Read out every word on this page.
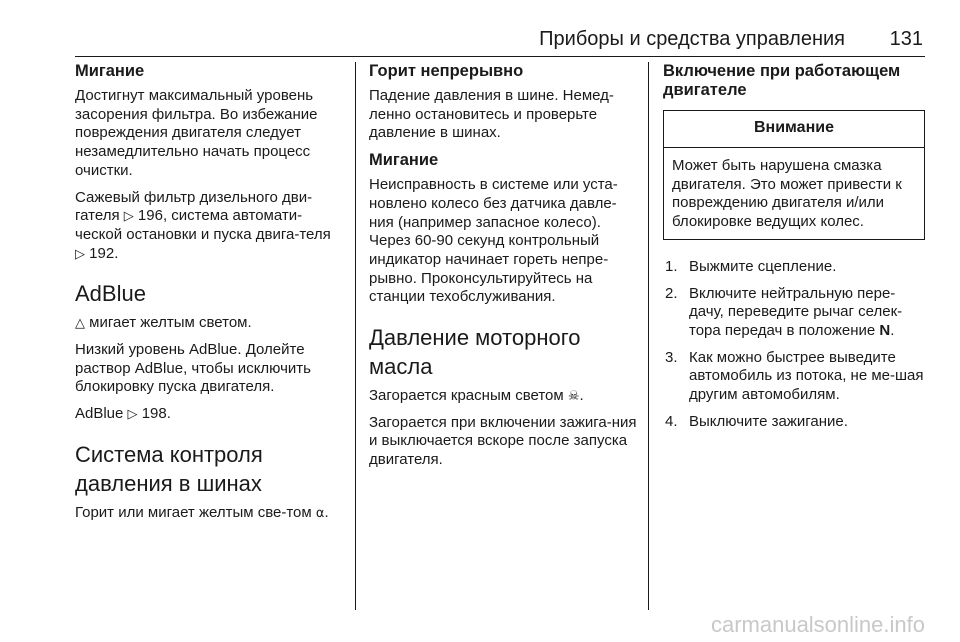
Приборы и средства управления 131
Мигание

Достигнут максимальный уровень засорения фильтра. Во избежание повреждения двигателя следует незамедлительно начать процесс очистки.

Сажевый фильтр дизельного дви-гателя ▷ 196, система автомати-ческой остановки и пуска двига-теля ▷ 192.

AdBlue

△ мигает желтым светом.

Низкий уровень AdBlue. Долейте раствор AdBlue, чтобы исключить блокировку пуска двигателя.

AdBlue ▷ 198.

Система контроля давления в шинах

Горит или мигает желтым све-том ⍺.

Горит непрерывно

Падение давления в шине. Немед-ленно остановитесь и проверьте давление в шинах.

Мигание

Неисправность в системе или уста-новлено колесо без датчика давле-ния (например запасное колесо). Через 60-90 секунд контрольный индикатор начинает гореть непре-рывно. Проконсультируйтесь на станции техобслуживания.

Давление моторного масла

Загорается красным светом ☠.

Загорается при включении зажига-ния и выключается вскоре после запуска двигателя.

Включение при работающем двигателе
Внимание
Может быть нарушена смазка двигателя. Это может привести к повреждению двигателя и/или блокировке ведущих колес.
1. Выжмите сцепление.
2. Включите нейтральную пере-дачу, переведите рычаг селек-тора передач в положение N.
3. Как можно быстрее выведите автомобиль из потока, не ме-шая другим автомобилям.
4. Выключите зажигание.
carmanualsonline.info
